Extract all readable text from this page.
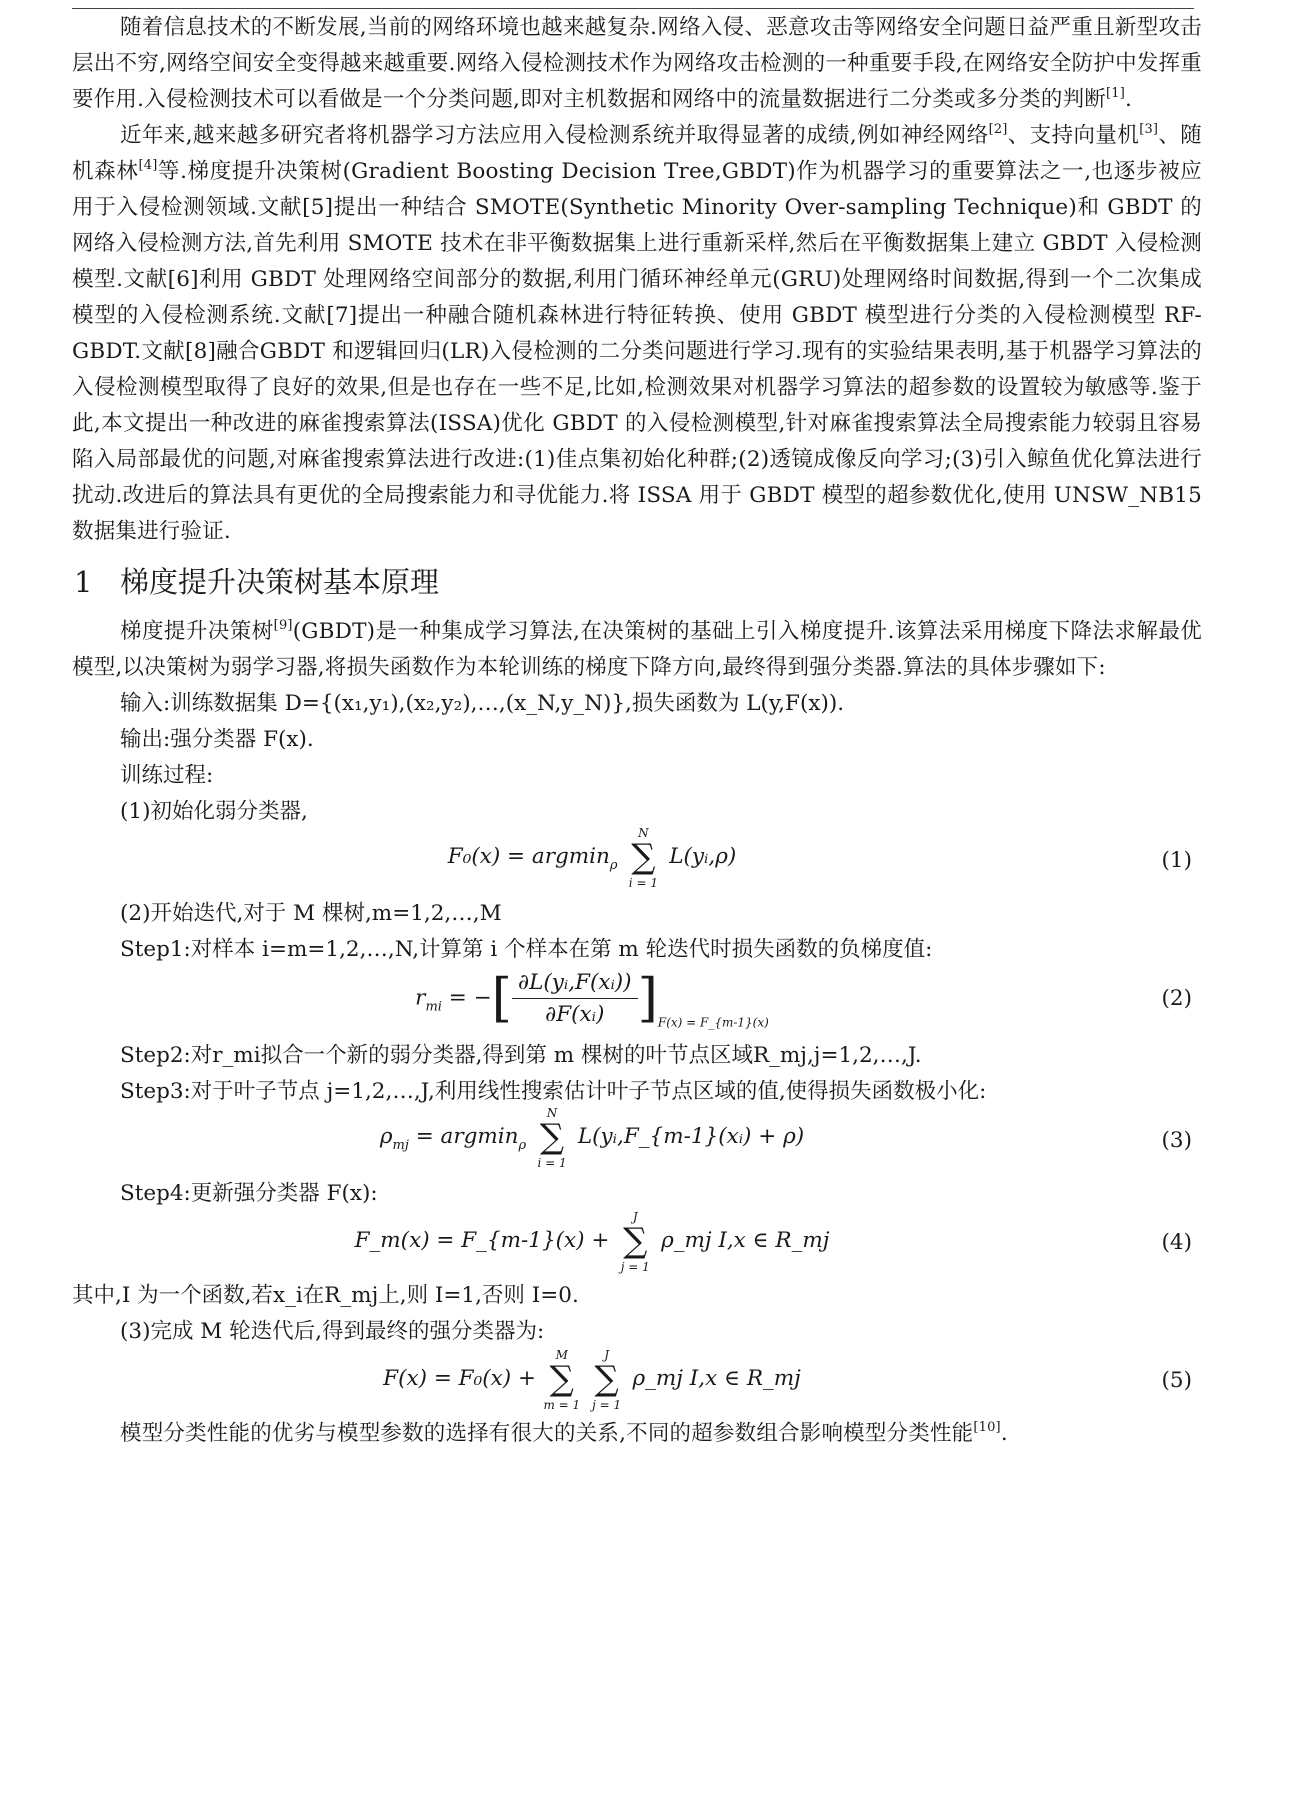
随着信息技术的不断发展,当前的网络环境也越来越复杂.网络入侵、恶意攻击等网络安全问题日益严重且新型攻击层出不穷,网络空间安全变得越来越重要.网络入侵检测技术作为网络攻击检测的一种重要手段,在网络安全防护中发挥重要作用.入侵检测技术可以看做是一个分类问题,即对主机数据和网络中的流量数据进行二分类或多分类的判断[1].

近年来,越来越多研究者将机器学习方法应用入侵检测系统并取得显著的成绩,例如神经网络[2]、支持向量机[3]、随机森林[4]等.梯度提升决策树(Gradient Boosting Decision Tree,GBDT)作为机器学习的重要算法之一,也逐步被应用于入侵检测领域.文献[5]提出一种结合 SMOTE(Synthetic Minority Over-sampling Technique)和 GBDT 的网络入侵检测方法,首先利用 SMOTE 技术在非平衡数据集上进行重新采样,然后在平衡数据集上建立 GBDT 入侵检测模型.文献[6]利用 GBDT 处理网络空间部分的数据,利用门循环神经单元(GRU)处理网络时间数据,得到一个二次集成模型的入侵检测系统.文献[7]提出一种融合随机森林进行特征转换、使用 GBDT 模型进行分类的入侵检测模型 RF-GBDT.文献[8]融合GBDT 和逻辑回归(LR)入侵检测的二分类问题进行学习.现有的实验结果表明,基于机器学习算法的入侵检测模型取得了良好的效果,但是也存在一些不足,比如,检测效果对机器学习算法的超参数的设置较为敏感等.鉴于此,本文提出一种改进的麻雀搜索算法(ISSA)优化 GBDT 的入侵检测模型,针对麻雀搜索算法全局搜索能力较弱且容易陷入局部最优的问题,对麻雀搜索算法进行改进:(1)佳点集初始化种群;(2)透镜成像反向学习;(3)引入鲸鱼优化算法进行扰动.改进后的算法具有更优的全局搜索能力和寻优能力.将 ISSA 用于 GBDT 模型的超参数优化,使用 UNSW_NB15 数据集进行验证.

1 梯度提升决策树基本原理

梯度提升决策树[9](GBDT)是一种集成学习算法,在决策树的基础上引入梯度提升.该算法采用梯度下降法求解最优模型,以决策树为弱学习器,将损失函数作为本轮训练的梯度下降方向,最终得到强分类器.算法的具体步骤如下:

输入:训练数据集 D={(x₁,y₁),(x₂,y₂),…,(x_N,y_N)},损失函数为 L(y,F(x)).

输出:强分类器 F(x).

训练过程:

(1)初始化弱分类器,

F₀(x) = argmin$_\rho$
N
∑
i = 1
L(yᵢ,ρ)	(1)

(2)开始迭代,对于 M 棵树,m=1,2,…,M

Step1:对样本 i=m=1,2,…,N,计算第 i 个样本在第 m 轮迭代时损失函数的负梯度值:

$r_{mi}$ = −[ $\frac{\text{∂L(yᵢ,F(xᵢ))}}{\text{∂F(xᵢ)}} ]_{F(x) = F\_\{m-1\}(x)}$
(2)

Step2:对r_mi拟合一个新的弱分类器,得到第 m 棵树的叶节点区域R_mj,j=1,2,…,J.

Step3:对于叶子节点 j=1,2,…,J,利用线性搜索估计叶子节点区域的值,使得损失函数极小化:

$\rho_{mj} = argmin_\rho$
N
∑
i = 1
L(yᵢ,F_{m-1}(xᵢ) + ρ)	(3)

Step4:更新强分类器 F(x):

F_m(x) = F_{m-1}(x) +
J
∑
j = 1
ρ_mj I,x ∈ R_mj	(4)

其中,I 为一个函数,若x_i在R_mj上,则 I=1,否则 I=0.

(3)完成 M 轮迭代后,得到最终的强分类器为:

F(x) = F₀(x) +
M
∑
m = 1

J
∑
j = 1
ρ_mj I,x ∈ R_mj	(5)

模型分类性能的优劣与模型参数的选择有很大的关系,不同的超参数组合影响模型分类性能[10].
